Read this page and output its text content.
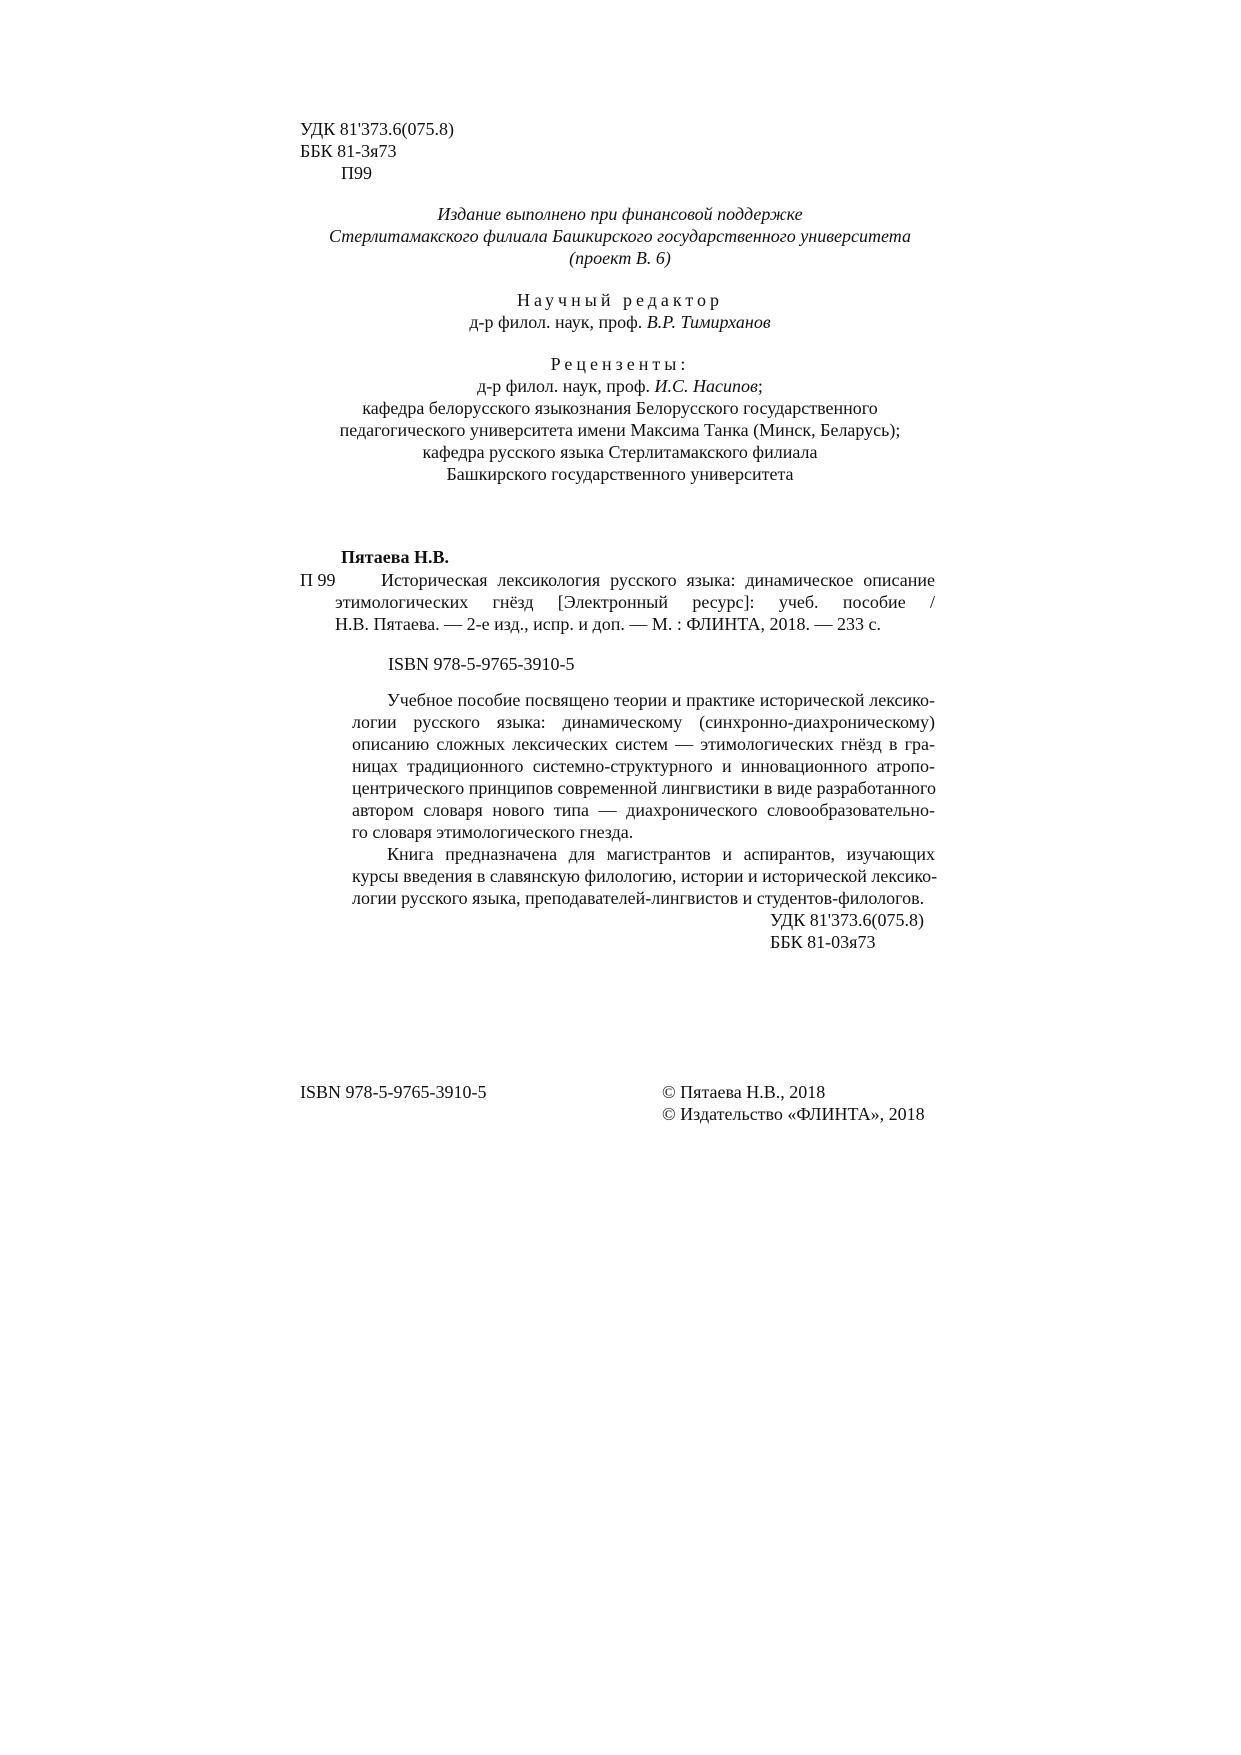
УДК 81'373.6(075.8)
ББК 81-3я73
П99
Издание выполнено при финансовой поддержке
Стерлитамакского филиала Башкирского государственного университета
(проект В. 6)
Научный редактор
д-р филол. наук, проф. В.Р. Тимирханов
Рецензенты:
д-р филол. наук, проф. И.С. Насипов;
кафедра белорусского языкознания Белорусского государственного
педагогического университета имени Максима Танка (Минск, Беларусь);
кафедра русского языка Стерлитамакского филиала
Башкирского государственного университета
Пятаева Н.В.
П 99	Историческая лексикология русского языка: динамическое описание
этимологических гнёзд [Электронный ресурс]: учеб. пособие /
Н.В. Пятаева. — 2-е изд., испр. и доп. — М. : ФЛИНТА, 2018. — 233 с.
ISBN 978-5-9765-3910-5
Учебное пособие посвящено теории и практике исторической лексико-
логии русского языка: динамическому (синхронно-диахроническому)
описанию сложных лексических систем — этимологических гнёзд в гра-
ницах традиционного системно-структурного и инновационного атропо-
центрического принципов современной лингвистики в виде разработанного
автором словаря нового типа — диахронического словообразовательно-
го словаря этимологического гнезда.
Книга предназначена для магистрантов и аспирантов, изучающих
курсы введения в славянскую филологию, истории и исторической лексико-
логии русского языка, преподавателей-лингвистов и студентов-филологов.
УДК 81'373.6(075.8)
ББК 81-03я73
ISBN 978-5-9765-3910-5	© Пятаева Н.В., 2018
© Издательство «ФЛИНТА», 2018
